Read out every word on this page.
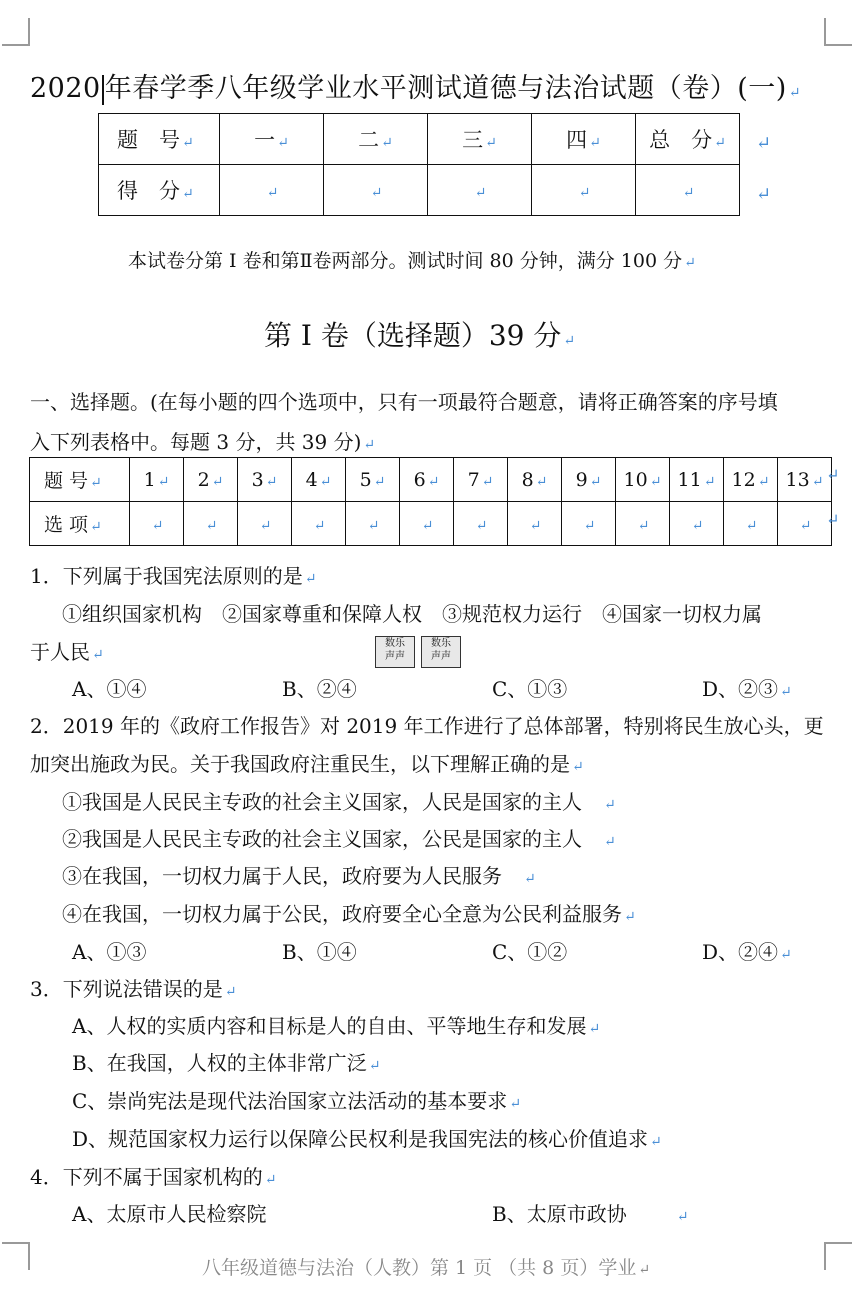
2020 年春学季八年级学业水平测试道德与法治试题（卷）(一) ↵
题　号 ↵	一 ↵	二 ↵	三 ↵	四 ↵	总　分 ↵
得　分 ↵	↵	↵	↵	↵	↵
↵
↵
本试卷分第 I 卷和第Ⅱ卷两部分。测试时间 80 分钟，满分 100 分 ↵
第 I 卷（选择题）39 分 ↵
一、选择题。(在每小题的四个选项中，只有一项最符合题意，请将正确答案的序号填
入下列表格中。每题 3 分，共 39 分) ↵
题 号 ↵	1 ↵	2 ↵	3 ↵	4 ↵	5 ↵	6 ↵	7 ↵	8 ↵	9 ↵	10 ↵	11 ↵	12 ↵	13 ↵
选 项 ↵	↵	↵	↵	↵	↵	↵	↵	↵	↵	↵	↵	↵	↵
↵
↵
1．下列属于我国宪法原则的是 ↵
①组织国家机构　②国家尊重和保障人权　③规范权力运行　④国家一切权力属
于人民 ↵
数乐
声声数乐
声声
A、①④	B、②④	C、①③	D、②③ ↵
2．2019 年的《政府工作报告》对 2019 年工作进行了总体部署，特别将民生放心头，更
加突出施政为民。关于我国政府注重民生，以下理解正确的是 ↵
①我国是人民民主专政的社会主义国家，人民是国家的主人 ↵
②我国是人民民主专政的社会主义国家，公民是国家的主人 ↵
③在我国，一切权力属于人民，政府要为人民服务 ↵
④在我国，一切权力属于公民，政府要全心全意为公民利益服务 ↵
A、①③	B、①④	C、①②	D、②④ ↵
3．下列说法错误的是 ↵
A、人权的实质内容和目标是人的自由、平等地生存和发展 ↵
B、在我国，人权的主体非常广泛 ↵
C、崇尚宪法是现代法治国家立法活动的基本要求 ↵
D、规范国家权力运行以保障公民权利是我国宪法的核心价值追求 ↵
4．下列不属于国家机构的 ↵
A、太原市人民检察院	B、太原市政协	↵
八年级道德与法治（人教）第 1 页 （共 8 页）学业 ↵
